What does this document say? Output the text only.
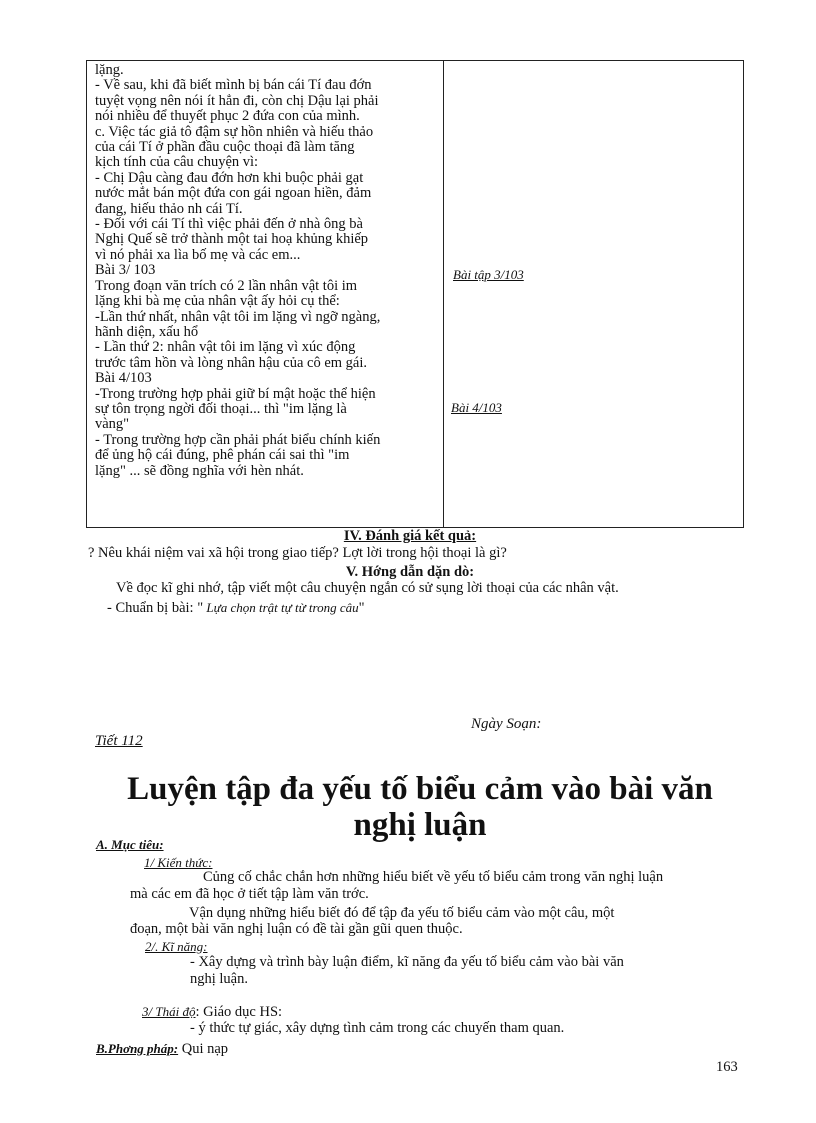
lặng.
- Về sau, khi đã biết mình bị bán cái Tí đau đớn
tuyệt vọng nên nói ít hẳn đi, còn chị Dậu lại phải
nói nhiều để thuyết phục 2 đứa con của mình.
c. Việc tác giả tô đậm sự hồn nhiên và hiếu thảo
của cái Tí ở phần đầu cuộc thoại đã làm tăng
kịch tính của câu chuyện vì:
- Chị Dậu càng đau đớn hơn khi buộc phải gạt
nước mắt bán một đứa con gái ngoan hiền, đảm
đang, hiếu thảo nh cái Tí.
- Đối với cái Tí thì việc phải đến ở nhà ông bà
Nghị Quế sẽ trở thành một tai hoạ khủng khiếp
vì nó phải xa lìa bố mẹ và các em...
Bài 3/ 103
Trong đoạn văn trích có 2 lần nhân vật tôi im
lặng khi bà mẹ của nhân vật ấy hỏi cụ thể:
-Lần thứ nhất, nhân vật tôi im lặng vì ngỡ ngàng,
hãnh diện, xấu hổ
- Lần thứ 2: nhân vật tôi im lặng vì xúc động
trước tâm hồn và lòng nhân hậu của cô em gái.
Bài 4/103
-Trong trường hợp phải giữ bí mật hoặc thể hiện
sự tôn trọng ngời đối thoại... thì "im lặng là
vàng"
- Trong trường hợp cần phải phát biểu chính kiến
để ủng hộ cái đúng, phê phán cái sai thì "im
lặng" ... sẽ đồng nghĩa với hèn nhát.
Bài tập 3/103
Bài 4/103
IV. Đánh giá kết quả:
? Nêu khái niệm vai xã hội trong giao tiếp? Lợt lời trong hội thoại là gì?
V. Hớng dẫn dặn dò:
Về đọc kĩ ghi nhớ, tập viết một câu chuyện ngắn có sử sụng lời thoại của các nhân vật.
- Chuẩn bị bài: " Lựa chọn trật tự từ trong câu"
Ngày Soạn:
Tiết 112
Luyện tập đa yếu tố biểu cảm vào bài văn
nghị luận
A. Mục tiêu:
1/ Kiến thức:
Củng cố chắc chắn hơn những hiểu biết về yếu tố biểu cảm trong văn nghị luận
mà các em đã học ở tiết tập làm văn trớc.
Vận dụng những hiểu biết đó để tập đa yếu tố biểu cảm vào một câu, một
đoạn, một bài văn nghị luận có đề tài gần gũi quen thuộc.
2/. Kĩ năng:
- Xây dựng và trình bày luận điểm, kĩ năng đa yếu tố biểu cảm vào bài văn
nghị luận.
3/ Thái độ: Giáo dục HS:
- ý thức tự giác, xây dựng tình cảm trong các chuyến tham quan.
B.Phơng pháp: Qui nạp
163
